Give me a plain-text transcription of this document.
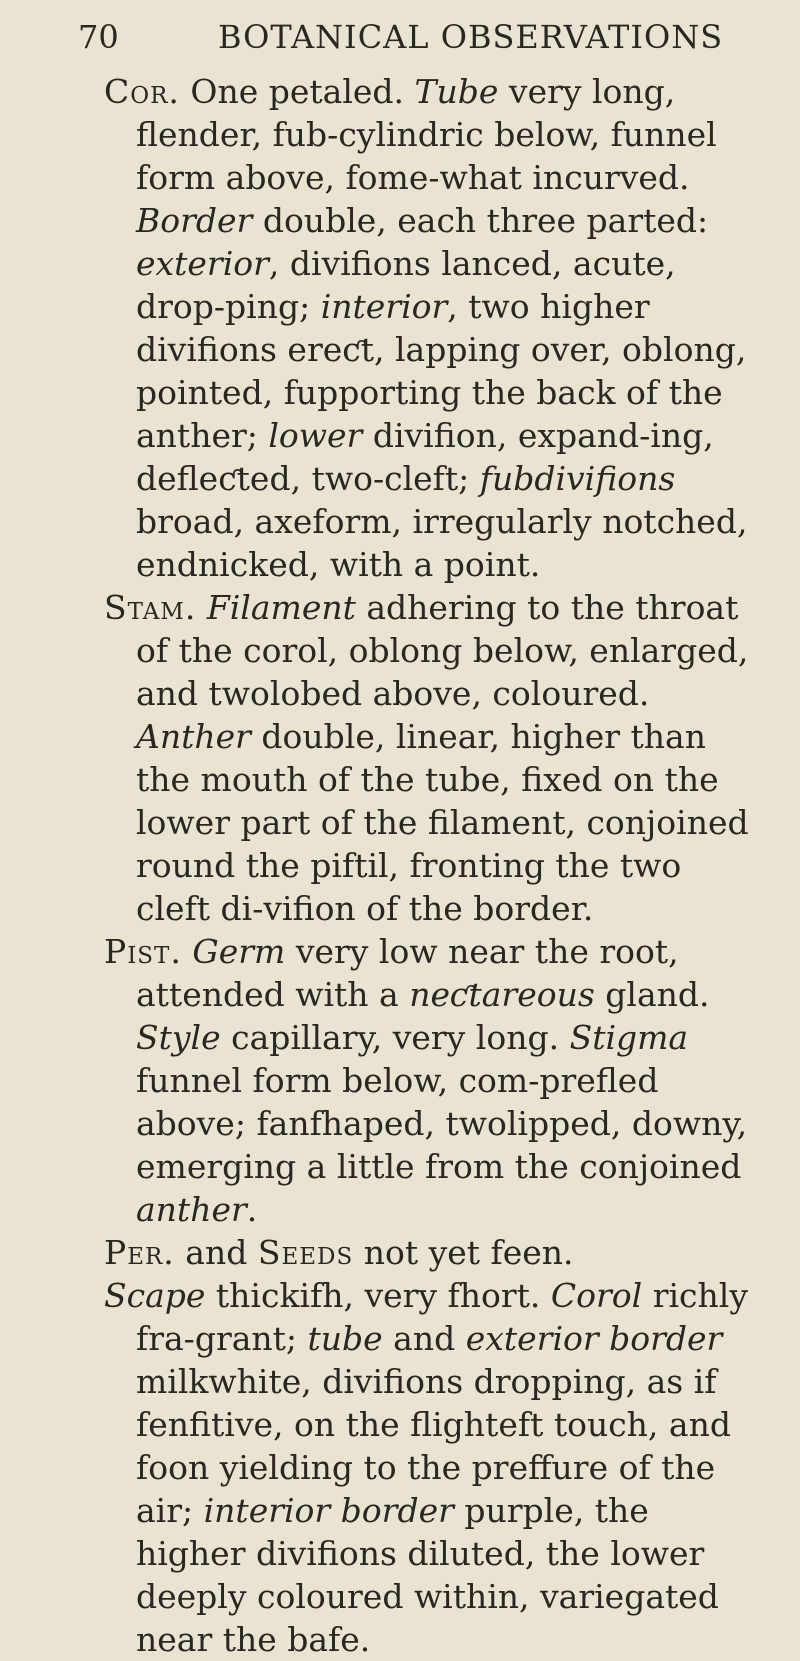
70	BOTANICAL OBSERVATIONS

Cor. One petaled. Tube very long, flender, fub-cylindric below, funnel form above, fome-what incurved. Border double, each three parted: exterior, divifions lanced, acute, drop-ping; interior, two higher divifions ereƈt, lapping over, oblong, pointed, fupporting the back of the anther; lower divifion, expand-ing, defleƈted, two-cleft; fubdivifions broad, axeform, irregularly notched, endnicked, with a point.

Stam. Filament adhering to the throat of the corol, oblong below, enlarged, and twolobed above, coloured. Anther double, linear, higher than the mouth of the tube, fixed on the lower part of the filament, conjoined round the piftil, fronting the two cleft di-vifion of the border.

Pist. Germ very low near the root, attended with a neƈtareous gland. Style capillary, very long. Stigma funnel form below, com-prefled above; fanfhaped, twolipped, downy, emerging a little from the conjoined anther.

Per. and Seeds not yet feen.

Scape thickifh, very fhort. Corol richly fra-grant; tube and exterior border milkwhite, divifions dropping, as if fenfitive, on the flighteft touch, and foon yielding to the preffure of the air; interior border purple, the higher divifions diluted, the lower deeply coloured within, variegated near the bafe.
